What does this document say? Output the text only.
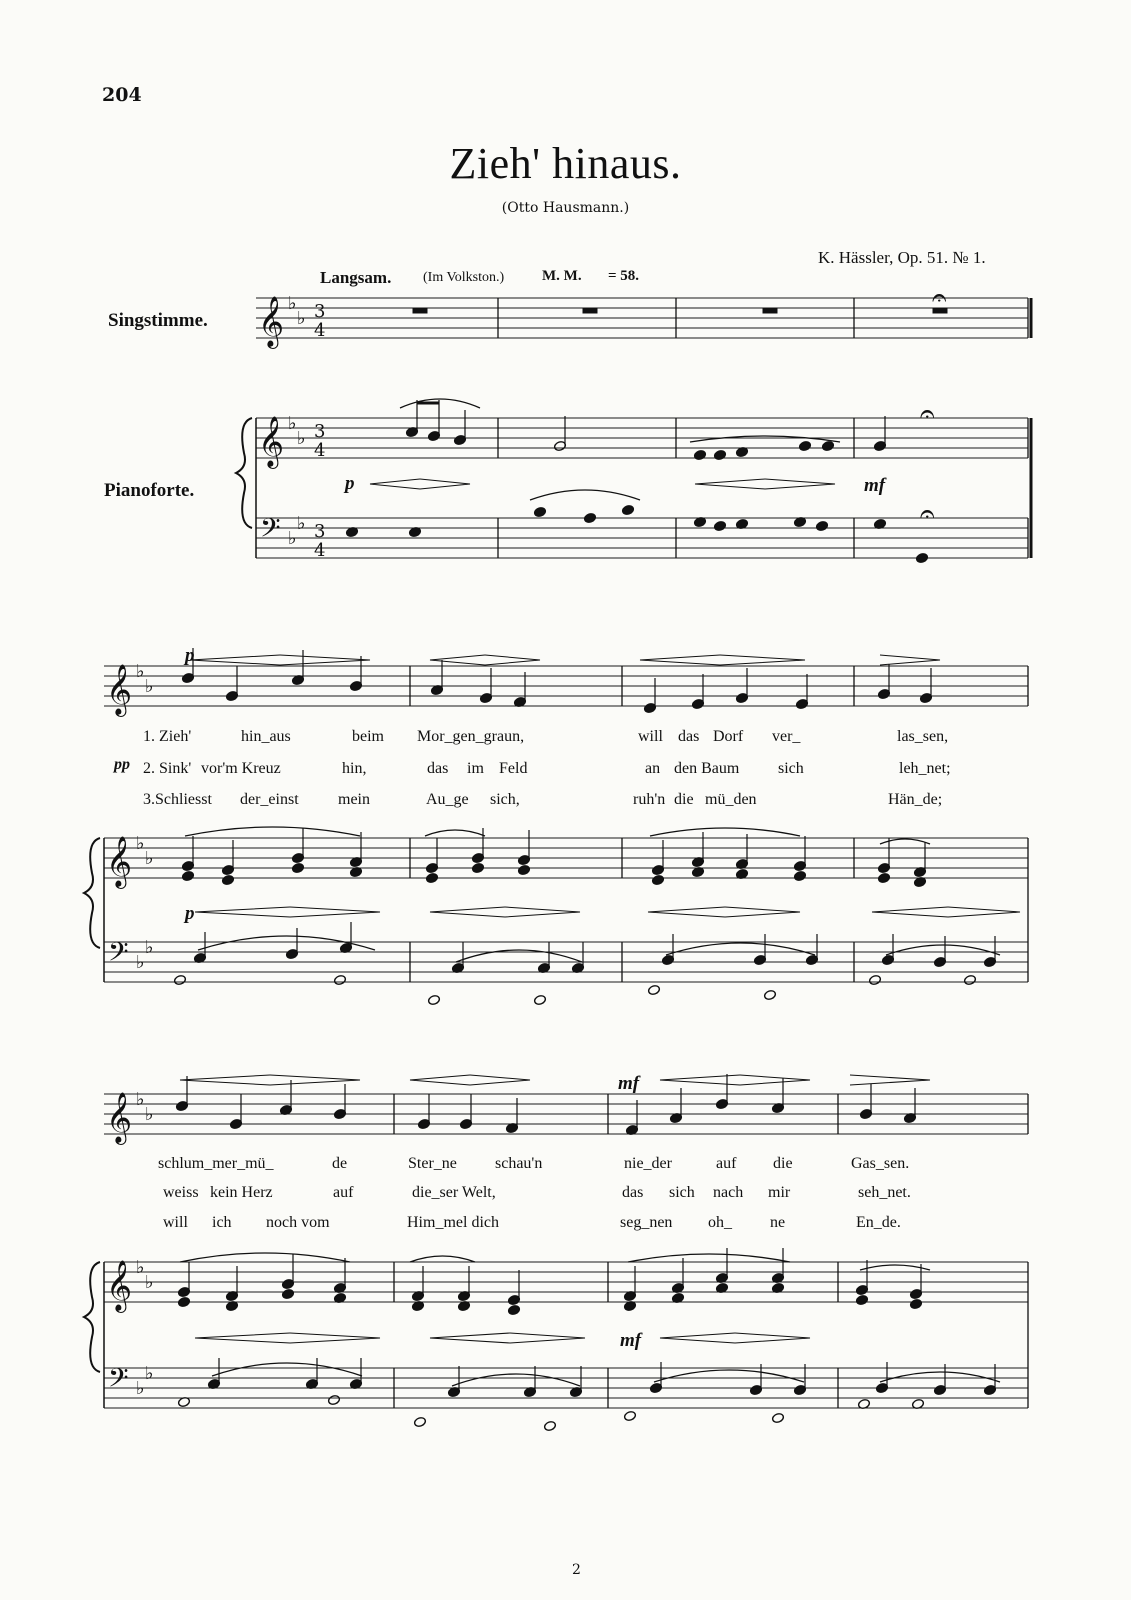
204
Zieh' hinaus.
(Otto Hausmann.)
K. Hässler, Op. 51. № 1.
Langsam. (Im Volkston.)	M. M. = 58.
Singstimme.
Pianoforte.	p	mf
p
pp
p
mf
mf
1. Zieh'	hin_aus	beim Mor_gen_graun,	will das Dorf ver_	las_sen,
2. Sink' vor'm Kreuz	hin,	das im Feld	an den Baum sich	leh_net;
3.Schliesst der_einst mein	Au_ge sich,	ruh'n die mü_den	Hän_de;
schlum_mer_mü_	de	Ster_ne schau'n	nie_der	auf die	Gas_sen.
weiss kein Herz	auf	die_ser Welt,	das sich nach mir	seh_net.
will ich noch vom	Him_mel dich	seg_nen oh_ ne	En_de.
2
𝄞 ♭
♭ 3
4
𝄞 ♭
♭ 3
4
𝄢 ♭
♭ 3
4
𝄐
𝄐
𝄐
𝄞 ♭
♭
𝄞 ♭
♭
𝄢 ♭
♭
𝄞 ♭
♭
𝄞 ♭
♭
𝄢 ♭
♭
